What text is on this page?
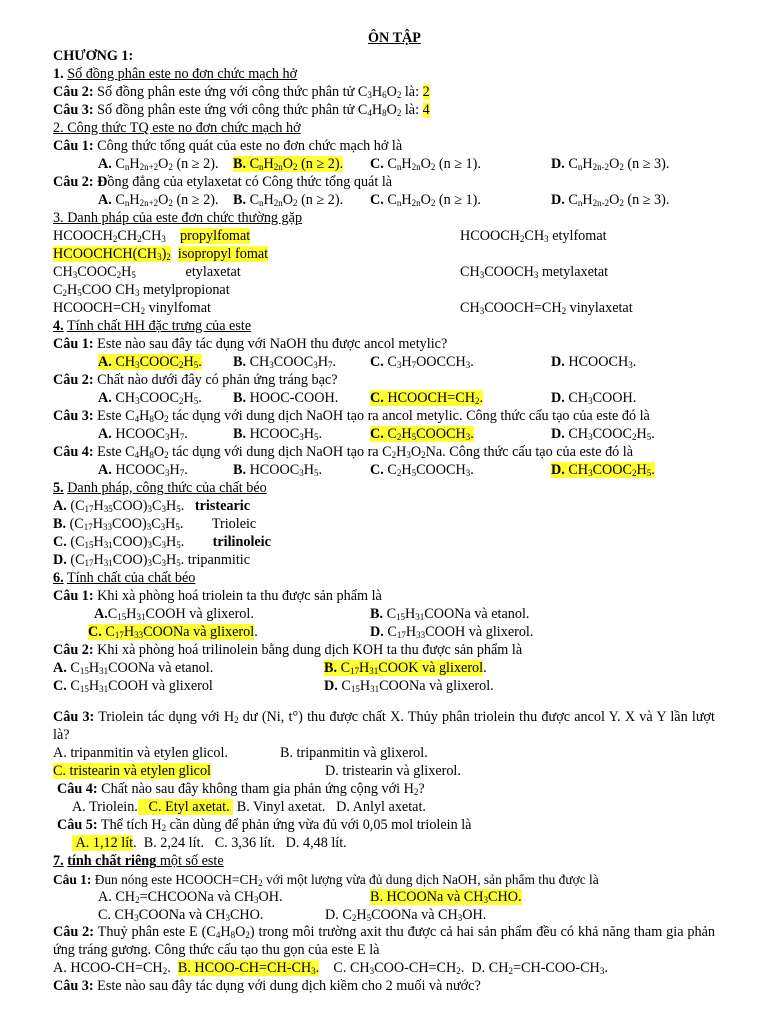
ÔN TẬP
CHƯƠNG 1:
1. Số đồng phân este no đơn chức mạch hở
Câu 2: Số đồng phân este ứng với công thức phân tử $C_3H_6O_2$ là: 2
Câu 3: Số đồng phân este ứng với công thức phân tử $C_4H_8O_2$ là: 4
2. Công thức TQ este no đơn chức mạch hở
Câu 1: Công thức tổng quát của este no đơn chức mạch hở là
A. $C_nH_{2n+2}O_2$ (n ≥ 2). B. $C_nH_{2n}O_2$ (n ≥ 2). C. $C_nH_{2n}O_2$ (n ≥ 1).	D. $C_nH_{2n-2}O_2$ (n ≥ 3).
Câu 2: Đồng đẳng của etylaxetat có Công thức tổng quát là
A. $C_nH_{2n+2}O_2$ (n ≥ 2). B. $C_nH_{2n}O_2$ (n ≥ 2). C. $C_nH_{2n}O_2$ (n ≥ 1).	D. $C_nH_{2n-2}O_2$ (n ≥ 3).
3. Danh pháp của este đơn chức thường gặp
$HCOOCH_2CH_2CH_3$ propylfomat	$HCOOCH_2CH_3$ etylfomat
$HCOOCHCH(CH_3)_2$ isopropyl fomat
$CH_3COOC_2H_5$	etylaxetat	$CH_3COOCH_3$ metylaxetat
$C_2H_5COO$ $CH_3$ metylpropionat
$HCOOCH=CH_2$ vinylfomat	$CH_3COOCH=CH_2$ vinylaxetat
4. Tính chất HH đặc trưng của este
Câu 1: Este nào sau đây tác dụng với NaOH thu được ancol metylic?
A. $CH_3COOC_2H_5$. B. $CH_3COOC_3H_7$. C. $C_3H_7OOCCH_3$.	D. $HCOOCH_3$.
Câu 2: Chất nào dưới đây có phản ứng tráng bạc?
A. $CH_3COOC_2H_5$. B. HOOC-COOH. C. $HCOOCH=CH_2$.	D. $CH_3COOH$.
Câu 3: Este $C_4H_8O_2$ tác dụng với dung dịch NaOH tạo ra ancol metylic. Công thức cấu tạo của este đó là
A. $HCOOC_3H_7$.	B. $HCOOC_3H_5$.	C. $C_2H_5COOCH_3$.	D. $CH_3COOC_2H_5$.
Câu 4: Este $C_4H_8O_2$ tác dụng với dung dịch NaOH tạo ra $C_2H_3O_2Na$. Công thức cấu tạo của este đó là
A. $HCOOC_3H_7$.	B. $HCOOC_3H_5$.	C. $C_2H_5COOCH_3$.	D. $CH_3COOC_2H_5$.
5. Danh pháp, công thức của chất béo
A. $(C_{17}H_{35}COO)_3C_3H_5$.   tristearic
B. $(C_{17}H_{33}COO)_3C_3H_5$.        Trioleic
C. $(C_{15}H_{31}COO)_3C_3H_5$.        trilinoleic
D. $(C_{17}H_{31}COO)_3C_3H_5$. tripanmitic
6. Tính chất của chất béo
Câu 1: Khi xà phòng hoá triolein ta thu được sản phẩm là
$A.C_{15}H_{31}COOH$ và glixerol.	B. $C_{15}H_{31}COONa$ và etanol.
C. $C_{17}H_{33}COONa$ và glixerol.	D. $C_{17}H_{33}COOH$ và glixerol.
Câu 2: Khi xà phòng hoá trilinolein bằng dung dịch KOH ta thu được sản phẩm là
A. $C_{15}H_{31}COONa$ và etanol.	B. $C_{17}H_{31}COOK$ và glixerol.
C. $C_{15}H_{31}COOH$ và glixerol	D. $C_{15}H_{31}COONa$ và glixerol.
Câu 3: Triolein tác dụng với $H_2$ dư (Ni, t°) thu được chất X. Thủy phân triolein thu được ancol Y. X và Y lần lượt là?
A. tripanmitin và etylen glicol.	B. tripanmitin và glixerol.
C. tristearin và etylen glicol	D. tristearin và glixerol.
Câu 4: Chất nào sau đây không tham gia phản ứng cộng với $H_2$?
A. Triolein. C. Etyl axetat. B. Vinyl axetat. D. Anlyl axetat.
Câu 5: Thể tích $H_2$ cần dùng để phản ứng vừa đủ với 0,05 mol triolein là
A. 1,12 lít.  B. 2,24 lít. C. 3,36 lít. D. 4,48 lít.
7. tính chất riêng một số este
Câu 1: Đun nóng este $HCOOCH=CH_2$ với một lượng vừa đủ dung dịch NaOH, sản phẩm thu được là
A. $CH_2=CHCOONa$ và $CH_3OH$.	B. HCOONa và $CH_3CHO$.
C. $CH_3COONa$ và $CH_3CHO$.	D. $C_2H_5COONa$ và $CH_3OH$.
Câu 2: Thuỷ phân este E $(C_4H_8O_2)$ trong môi trường axit thu được cả hai sản phẩm đều có khả năng tham gia phản ứng tráng gương. Công thức cấu tạo thu gọn của este E là
A. HCOO-$CH=CH_2$.  B. HCOO-$CH=CH-CH_3$.    C. $CH_3COO-CH=CH_2$.  D. $CH_2=CH-COO-CH_3$.
Câu 3: Este nào sau đây tác dụng với dung dịch kiềm cho 2 muối và nước?
